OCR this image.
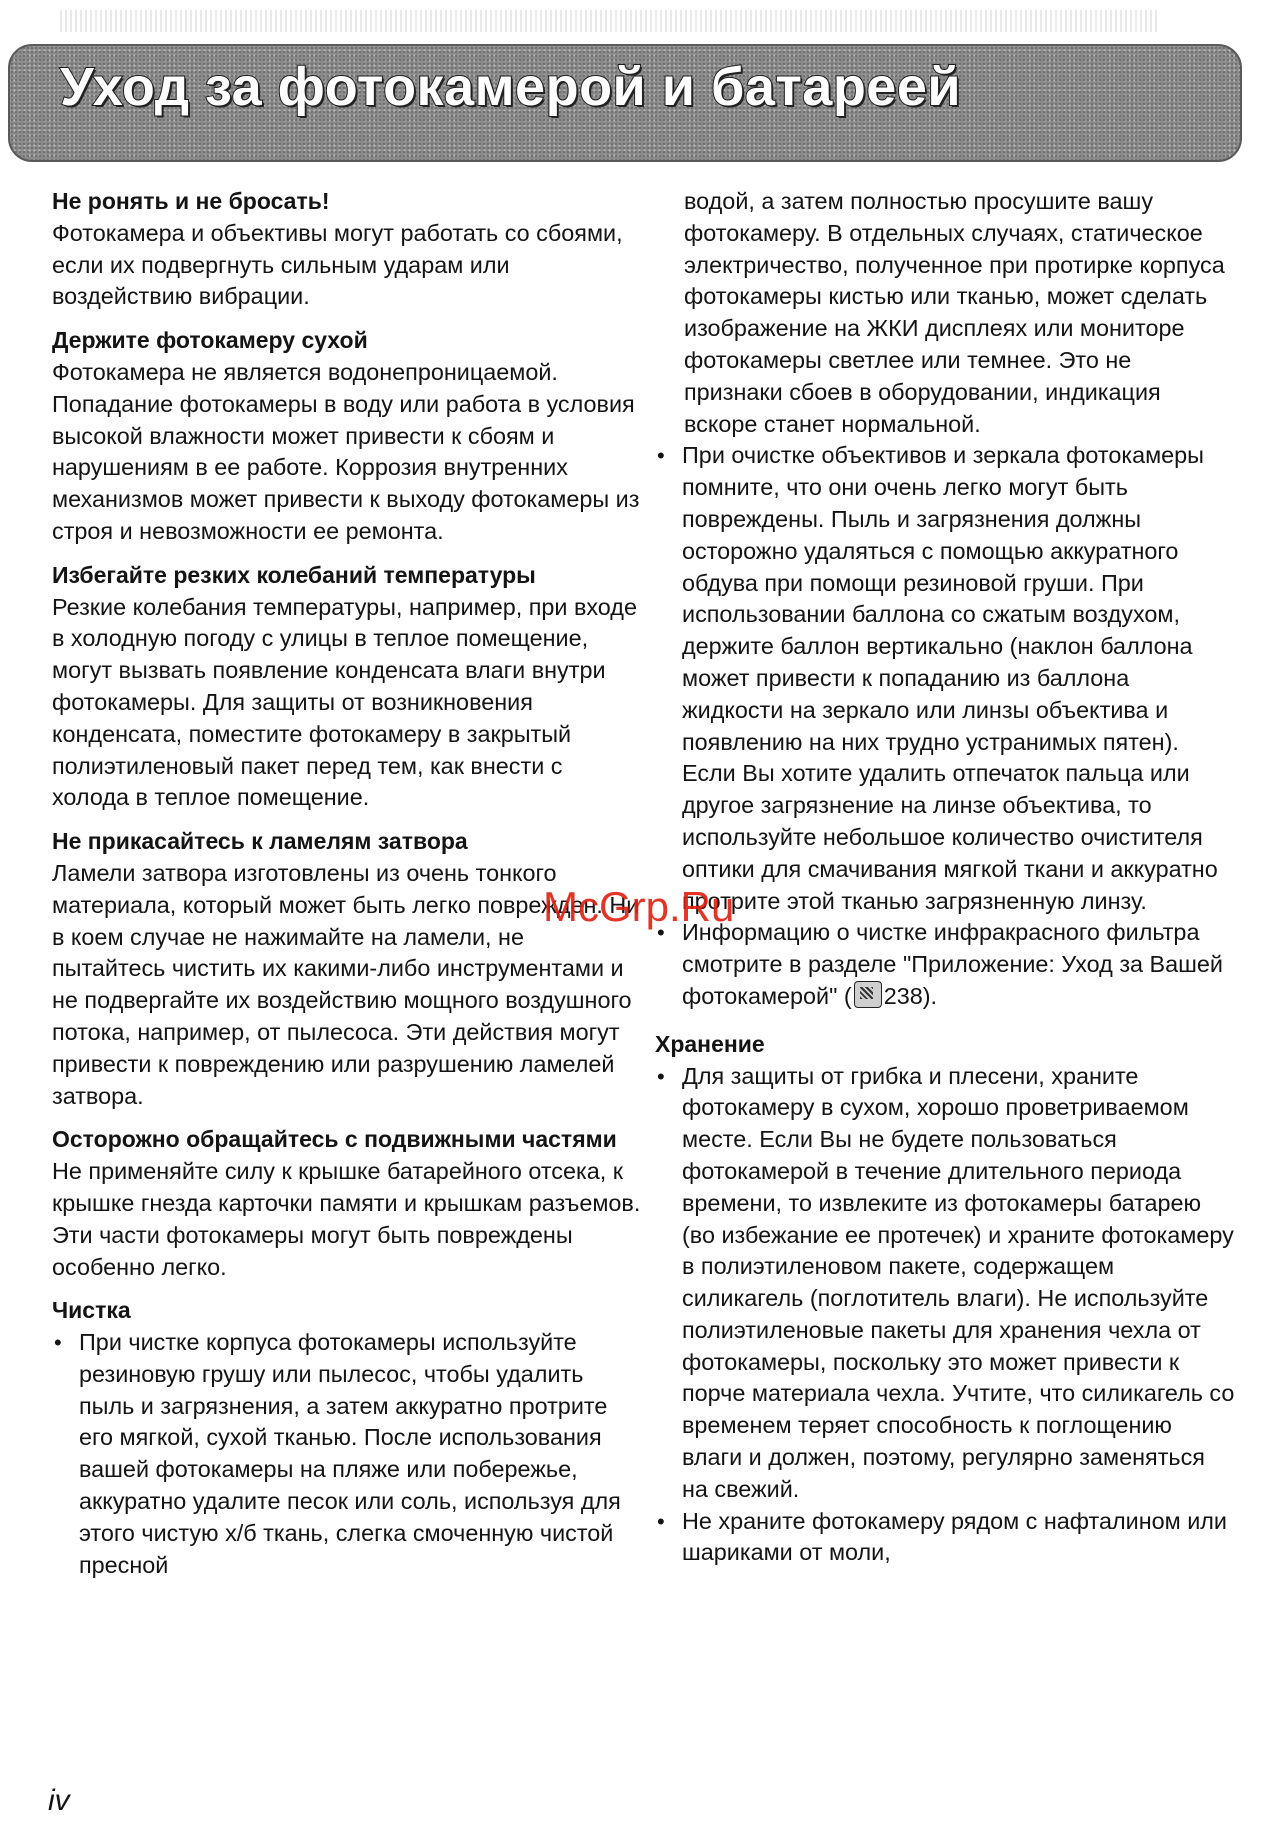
Уход за фотокамерой и батареей
Не ронять и не бросать!

Фотокамера и объективы могут работать со сбоями, если их подвергнуть сильным ударам или воздействию вибрации.

Держите фотокамеру сухой

Фотокамера не является водонепроницаемой. Попадание фотокамеры в воду или работа в условия высокой влажности может привести к сбоям и нарушениям в ее работе. Коррозия внутренних механизмов может привести к выходу фотокамеры из строя и невозможности ее ремонта.

Избегайте резких колебаний температуры

Резкие колебания температуры, например, при входе в холодную погоду с улицы в теплое помещение, могут вызвать появление конденсата влаги внутри фотокамеры. Для защиты от возникновения конденсата, поместите фотокамеру в закрытый полиэтиленовый пакет перед тем, как внести с холода в теплое помещение.

Не прикасайтесь к ламелям затвора

Ламели затвора изготовлены из очень тонкого материала, который может быть легко поврежден. Ни в коем случае не нажимайте на ламели, не пытайтесь чистить их какими-либо инструментами и не подвергайте их воздействию мощного воздушного потока, например, от пылесоса. Эти действия могут привести к повреждению или разрушению ламелей затвора.

Осторожно обращайтесь с подвижными частями

Не применяйте силу к крышке батарейного отсека, к крышке гнезда карточки памяти и крышкам разъемов. Эти части фотокамеры могут быть повреждены особенно легко.

Чистка
• При чистке корпуса фотокамеры используйте резиновую грушу или пылесос, чтобы удалить пыль и загрязнения, а затем аккуратно протрите его мягкой, сухой тканью. После использования вашей фотокамеры на пляже или побережье, аккуратно удалите песок или соль, используя для этого чистую х/б ткань, слегка смоченную чистой пресной

водой, а затем полностью просушите вашу фотокамеру. В отдельных случаях, статическое электричество, полученное при протирке корпуса фотокамеры кистью или тканью, может сделать изображение на ЖКИ дисплеях или мониторе фотокамеры светлее или темнее. Это не признаки сбоев в оборудовании, индикация вскоре станет нормальной.

• При очистке объективов и зеркала фотокамеры помните, что они очень легко могут быть повреждены. Пыль и загрязнения должны осторожно удаляться с помощью аккуратного обдува при помощи резиновой груши. При использовании баллона со сжатым воздухом, держите баллон вертикально (наклон баллона может привести к попаданию из баллона жидкости на зеркало или линзы объектива и появлению на них трудно устранимых пятен). Если Вы хотите удалить отпечаток пальца или другое загрязнение на линзе объектива, то используйте небольшое количество очистителя оптики для смачивания мягкой ткани и аккуратно протрите этой тканью загрязненную линзу.
• Информацию о чистке инфракрасного фильтра смотрите в разделе "Приложение: Уход за Вашей фотокамерой" ( 238).
Хранение
• Для защиты от грибка и плесени, храните фотокамеру в сухом, хорошо проветриваемом месте. Если Вы не будете пользоваться фотокамерой в течение длительного периода времени, то извлеките из фотокамеры батарею (во избежание ее протечек) и храните фотокамеру в полиэтиленовом пакете, содержащем силикагель (поглотитель влаги). Не используйте полиэтиленовые пакеты для хранения чехла от фотокамеры, поскольку это может привести к порче материала чехла. Учтите, что силикагель со временем теряет способность к поглощению влаги и должен, поэтому, регулярно заменяться на свежий.
• Не храните фотокамеру рядом с нафталином или шариками от моли,

McGrp.Ru

iv
